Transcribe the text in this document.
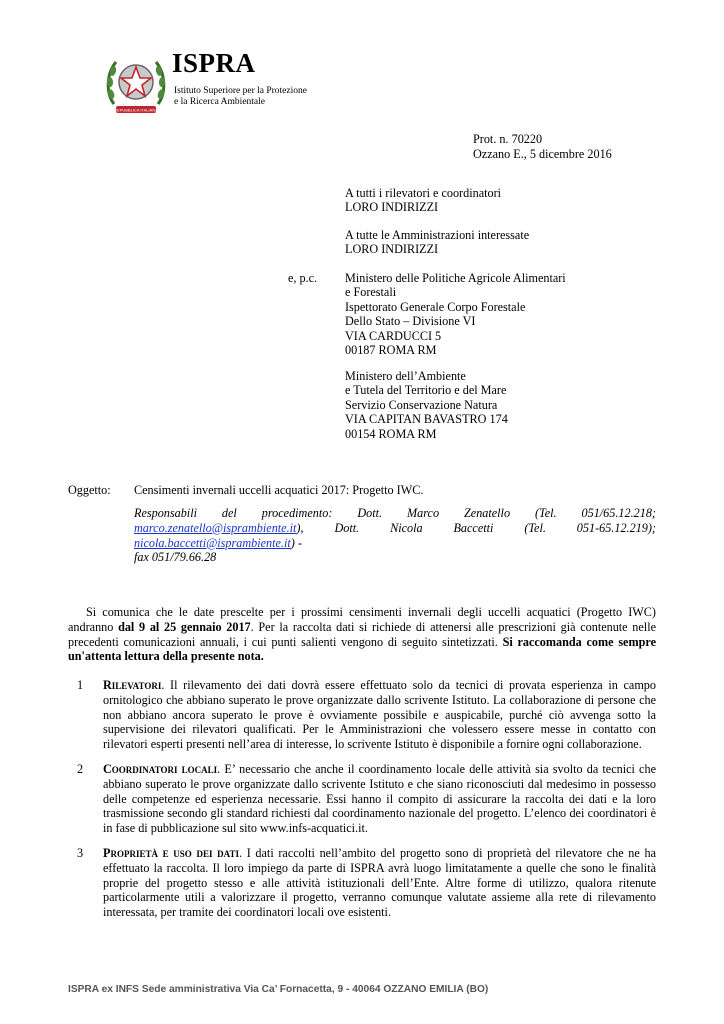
REPUBBLICA ITALIANA
ISPRA
Istituto Superiore per la Protezione
e la Ricerca Ambientale
Prot. n. 70220
Ozzano E., 5 dicembre 2016
A tutti i rilevatori e coordinatori
LORO INDIRIZZI
A tutte le Amministrazioni interessate
LORO INDIRIZZI
e, p.c. Ministero delle Politiche Agricole Alimentari
e Forestali
Ispettorato Generale Corpo Forestale
Dello Stato – Divisione VI
VIA CARDUCCI 5
00187 ROMA RM
Ministero dell’Ambiente
e Tutela del Territorio e del Mare
Servizio Conservazione Natura
VIA CAPITAN BAVASTRO 174
00154 ROMA RM
Oggetto: Censimenti invernali uccelli acquatici 2017: Progetto IWC.
Responsabili del procedimento: Dott. Marco Zenatello (Tel. 051/65.12.218;
marco.zenatello@isprambiente.it), Dott. Nicola Baccetti (Tel. 051-65.12.219);
nicola.baccetti@isprambiente.it) -
fax 051/79.66.28
Si comunica che le date prescelte per i prossimi censimenti invernali degli uccelli acquatici (Progetto IWC) andranno dal 9 al 25 gennaio 2017. Per la raccolta dati si richiede di attenersi alle prescrizioni già contenute nelle precedenti comunicazioni annuali, i cui punti salienti vengono di seguito sintetizzati. Si raccomanda come sempre un'attenta lettura della presente nota.
1 Rilevatori. Il rilevamento dei dati dovrà essere effettuato solo da tecnici di provata esperienza in campo ornitologico che abbiano superato le prove organizzate dallo scrivente Istituto. La collaborazione di persone che non abbiano ancora superato le prove è ovviamente possibile e auspicabile, purché ciò avvenga sotto la supervisione dei rilevatori qualificati. Per le Amministrazioni che volessero essere messe in contatto con rilevatori esperti presenti nell’area di interesse, lo scrivente Istituto è disponibile a fornire ogni collaborazione.
2 Coordinatori locali. E’ necessario che anche il coordinamento locale delle attività sia svolto da tecnici che abbiano superato le prove organizzate dallo scrivente Istituto e che siano riconosciuti dal medesimo in possesso delle competenze ed esperienza necessarie. Essi hanno il compito di assicurare la raccolta dei dati e la loro trasmissione secondo gli standard richiesti dal coordinamento nazionale del progetto. L’elenco dei coordinatori è in fase di pubblicazione sul sito www.infs-acquatici.it.
3 Proprietà e uso dei dati. I dati raccolti nell’ambito del progetto sono di proprietà del rilevatore che ne ha effettuato la raccolta. Il loro impiego da parte di ISPRA avrà luogo limitatamente a quelle che sono le finalità proprie del progetto stesso e alle attività istituzionali dell’Ente. Altre forme di utilizzo, qualora ritenute particolarmente utili a valorizzare il progetto, verranno comunque valutate assieme alla rete di rilevamento interessata, per tramite dei coordinatori locali ove esistenti.
ISPRA ex INFS Sede amministrativa Via Ca’ Fornacetta, 9 - 40064 OZZANO EMILIA (BO)
